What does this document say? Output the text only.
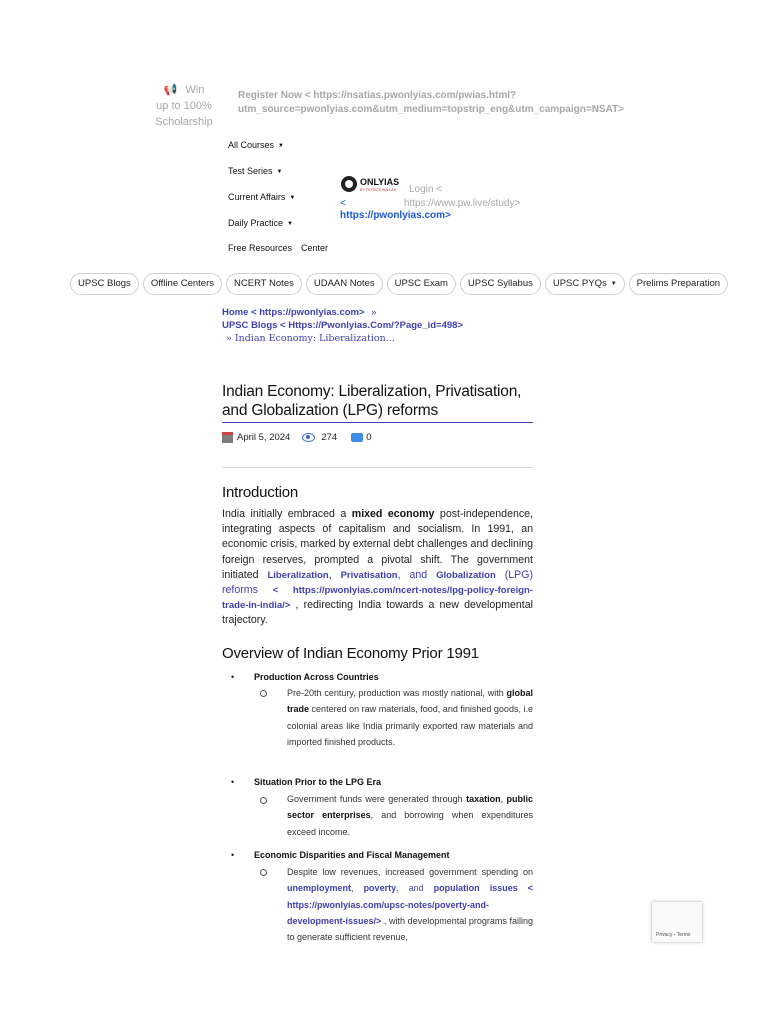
📢 Win
up to 100%
Scholarship
Register Now < https://nsatias.pwonlyias.com/pwias.html?utm_source=pwonlyias.com&utm_medium=topstrip_eng&utm_campaign=NSAT>
All Courses ▼
Test Series ▼
Current Affairs ▼
Daily Practice ▼
Free Resources Center
ONLYIAS
BY PHYSICS WALLAH Login <
<	https://www.pw.live/study>
https://pwonlyias.com>
UPSC Blogs Offline Centers NCERT Notes UDAAN Notes UPSC Exam UPSC Syllabus UPSC PYQs ▼ Prelims Preparation
Home < https://pwonlyias.com> »
UPSC Blogs < Https://Pwonlyias.Com/?Page_id=498>
» Indian Economy: Liberalization...
Indian Economy: Liberalization, Privatisation, and Globalization (LPG) reforms
April 5, 2024	274	0
Introduction
India initially embraced a mixed economy post-independence, integrating aspects of capitalism and socialism. In 1991, an economic crisis, marked by external debt challenges and declining foreign reserves, prompted a pivotal shift. The government initiated Liberalization, Privatisation, and Globalization (LPG) reforms < https://pwonlyias.com/ncert-notes/lpg-policy-foreign-trade-in-india/> , redirecting India towards a new developmental trajectory.
Overview of Indian Economy Prior 1991
• Production Across Countries
Pre-20th century, production was mostly national, with global trade centered on raw materials, food, and finished goods, i.e colonial areas like India primarily exported raw materials and imported finished products.
• Situation Prior to the LPG Era
Government funds were generated through taxation, public sector enterprises, and borrowing when expenditures exceed income.
• Economic Disparities and Fiscal Management
Despite low revenues, increased government spending on unemployment, poverty, and population issues < https://pwonlyias.com/upsc-notes/poverty-and-development-issues/> , with developmental programs failing to generate sufficient revenue,	Privacy - Terms
